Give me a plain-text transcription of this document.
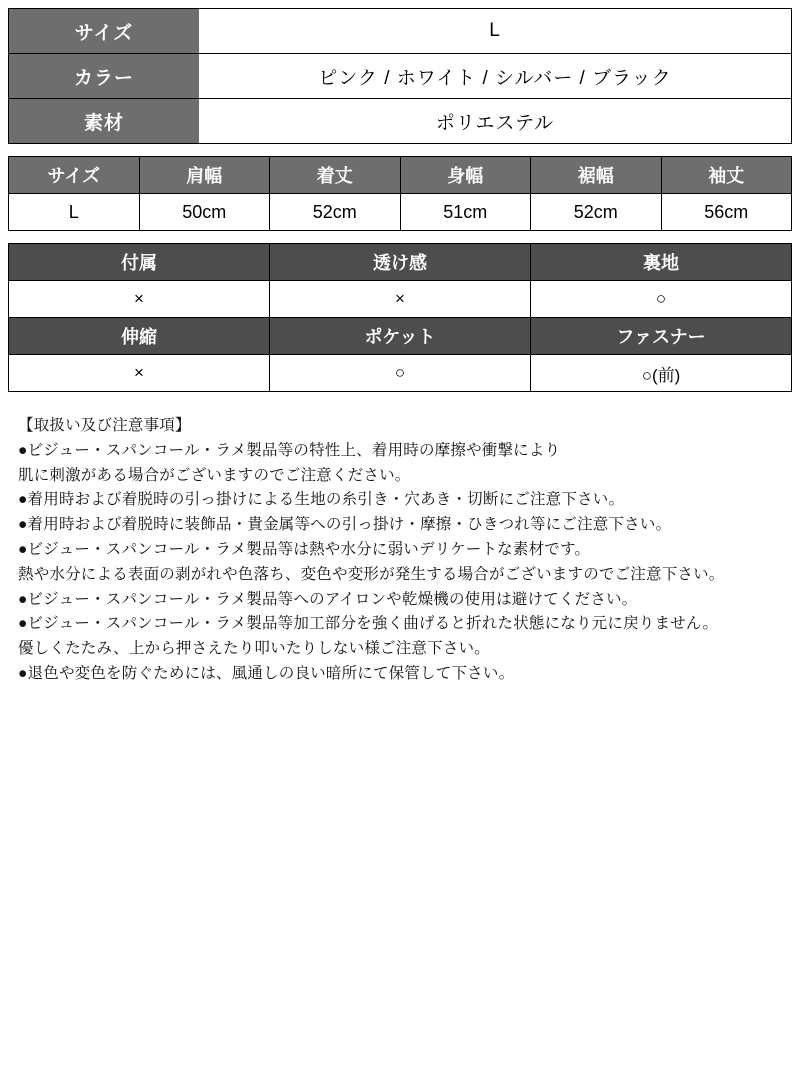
サイズ	L
カラー	ピンク / ホワイト / シルバー / ブラック
素材	ポリエステル
サイズ	肩幅	着丈	身幅	裾幅	袖丈
L	50cm	52cm	51cm	52cm	56cm
付属	透け感	裏地
×	×	○
伸縮	ポケット	ファスナー
×	○	○(前)
【取扱い及び注意事項】
●ビジュー・スパンコール・ラメ製品等の特性上、着用時の摩擦や衝撃により
肌に刺激がある場合がございますのでご注意ください。
●着用時および着脱時の引っ掛けによる生地の糸引き・穴あき・切断にご注意下さい。
●着用時および着脱時に装飾品・貴金属等への引っ掛け・摩擦・ひきつれ等にご注意下さい。
●ビジュー・スパンコール・ラメ製品等は熱や水分に弱いデリケートな素材です。
熱や水分による表面の剥がれや色落ち、変色や変形が発生する場合がございますのでご注意下さい。
●ビジュー・スパンコール・ラメ製品等へのアイロンや乾燥機の使用は避けてください。
●ビジュー・スパンコール・ラメ製品等加工部分を強く曲げると折れた状態になり元に戻りません。
優しくたたみ、上から押さえたり叩いたりしない様ご注意下さい。
●退色や変色を防ぐためには、風通しの良い暗所にて保管して下さい。
